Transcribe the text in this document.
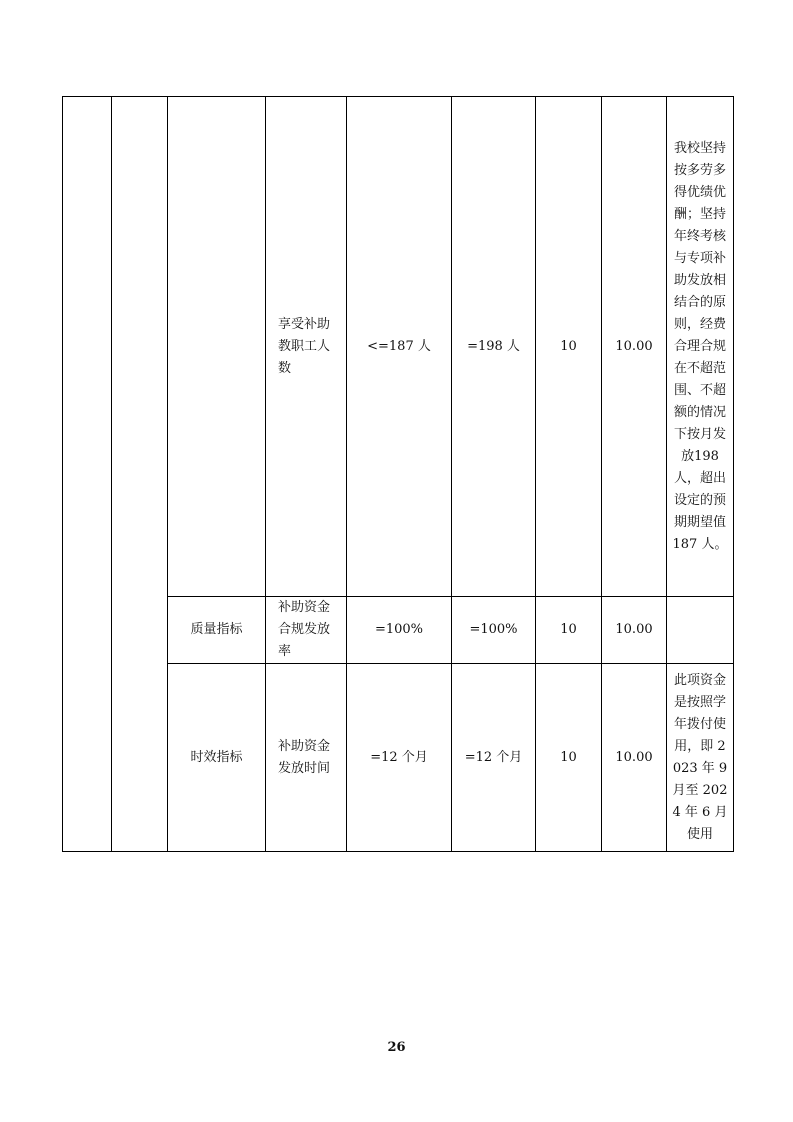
			享受补助教职工人数	<=187 人	=198 人	10	10.00	我校坚持按多劳多得优绩优酬；坚持年终考核与专项补助发放相结合的原则，经费合理合规在不超范围、不超额的情况下按月发放198 人，超出设定的预期期望值 187 人。

		质量指标	补助资金合规发放率	=100%	=100%	10	10.00	
		时效指标	补助资金发放时间	=12 个月	=12 个月	10	10.00	此项资金是按照学年拨付使用，即 2023 年 9 月至 2024 年 6 月使用
26
